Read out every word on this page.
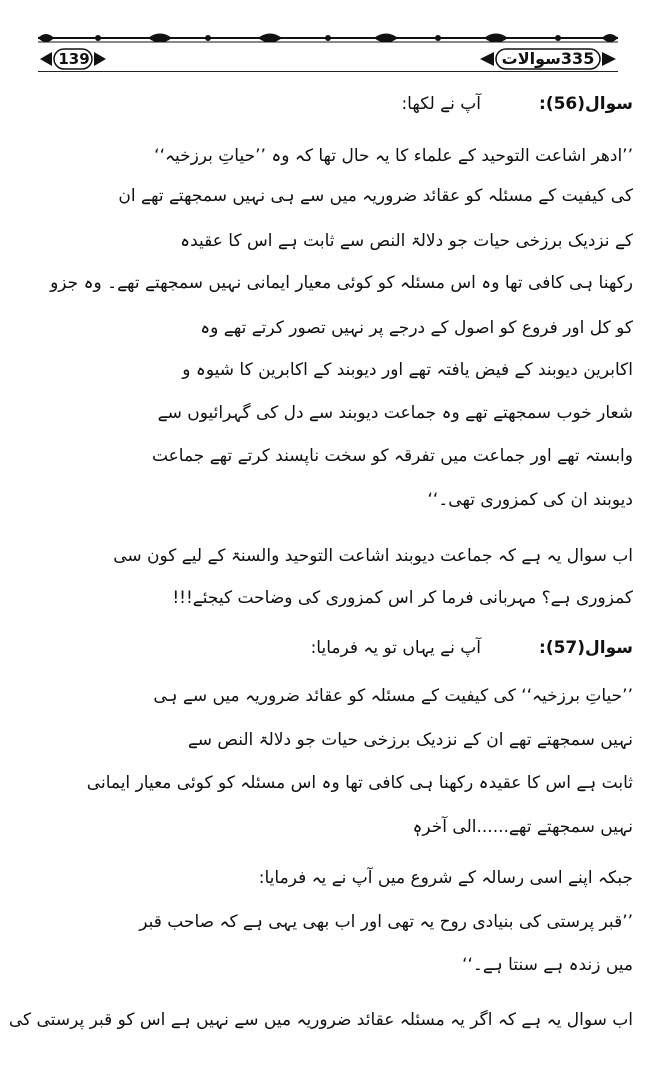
139	335سوالات
سوال(56):
آپ نے لکھا:
’’ادھر اشاعت التوحید کے علماء کا یہ حال تھا کہ وہ ’’حیاتِ برزخیہ‘‘
کی کیفیت کے مسئلہ کو عقائد ضروریہ میں سے ہی نہیں سمجھتے تھے ان
کے نزدیک برزخی حیات جو دلالۃ النص سے ثابت ہے اس کا عقیدہ
رکھنا ہی کافی تھا وہ اس مسئلہ کو کوئی معیار ایمانی نہیں سمجھتے تھے۔ وہ جزو
کو کل اور فروع کو اصول کے درجے پر نہیں تصور کرتے تھے وہ
اکابرین دیوبند کے فیض یافتہ تھے اور دیوبند کے اکابرین کا شیوہ و
شعار خوب سمجھتے تھے وہ جماعت دیوبند سے دل کی گہرائیوں سے
وابستہ تھے اور جماعت میں تفرقہ کو سخت ناپسند کرتے تھے جماعت
دیوبند ان کی کمزوری تھی۔‘‘
اب سوال یہ ہے کہ جماعت دیوبند اشاعت التوحید والسنۃ کے لیے کون سی
کمزوری ہے؟ مہربانی فرما کر اس کمزوری کی وضاحت کیجئے!!!
سوال(57):
آپ نے یہاں تو یہ فرمایا:
’’حیاتِ برزخیہ‘‘ کی کیفیت کے مسئلہ کو عقائد ضروریہ میں سے ہی
نہیں سمجھتے تھے ان کے نزدیک برزخی حیات جو دلالۃ النص سے
ثابت ہے اس کا عقیدہ رکھنا ہی کافی تھا وہ اس مسئلہ کو کوئی معیار ایمانی
نہیں سمجھتے تھے......الی آخرہٖ
جبکہ اپنے اسی رسالہ کے شروع میں آپ نے یہ فرمایا:
’’قبر پرستی کی بنیادی روح یہ تھی اور اب بھی یہی ہے کہ صاحب قبر
میں زندہ ہے سنتا ہے۔‘‘
اب سوال یہ ہے کہ اگر یہ مسئلہ عقائد ضروریہ میں سے نہیں ہے اس کو قبر پرستی کی
